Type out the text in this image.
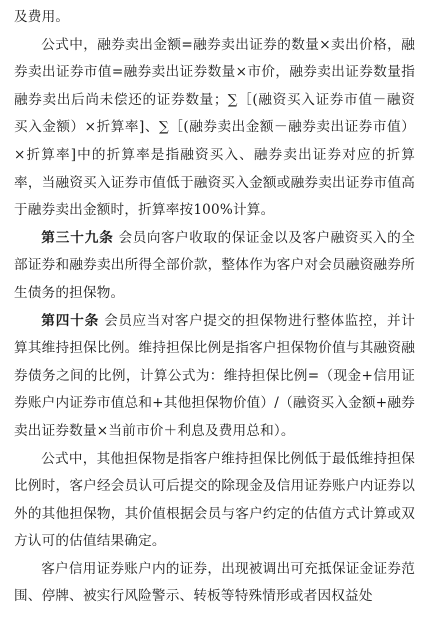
及费用。

公式中，融券卖出金额=融券卖出证券的数量×卖出价格，融券卖出证券市值=融券卖出证券数量×市价，融券卖出证券数量指融券卖出后尚未偿还的证券数量；∑［(融资买入证券市值－融资买入金额）×折算率]、∑［(融券卖出金额－融券卖出证券市值）×折算率]中的折算率是指融资买入、融券卖出证券对应的折算率，当融资买入证券市值低于融资买入金额或融券卖出证券市值高于融券卖出金额时，折算率按100%计算。

第三十九条 会员向客户收取的保证金以及客户融资买入的全部证券和融券卖出所得全部价款，整体作为客户对会员融资融券所生债务的担保物。

第四十条 会员应当对客户提交的担保物进行整体监控，并计算其维持担保比例。维持担保比例是指客户担保物价值与其融资融券债务之间的比例，计算公式为：维持担保比例=（现金+信用证券账户内证券市值总和+其他担保物价值）/（融资买入金额+融券卖出证券数量×当前市价＋利息及费用总和）。

公式中，其他担保物是指客户维持担保比例低于最低维持担保比例时，客户经会员认可后提交的除现金及信用证券账户内证券以外的其他担保物，其价值根据会员与客户约定的估值方式计算或双方认可的估值结果确定。

客户信用证券账户内的证券，出现被调出可充抵保证金证券范围、停牌、被实行风险警示、转板等特殊情形或者因权益处
